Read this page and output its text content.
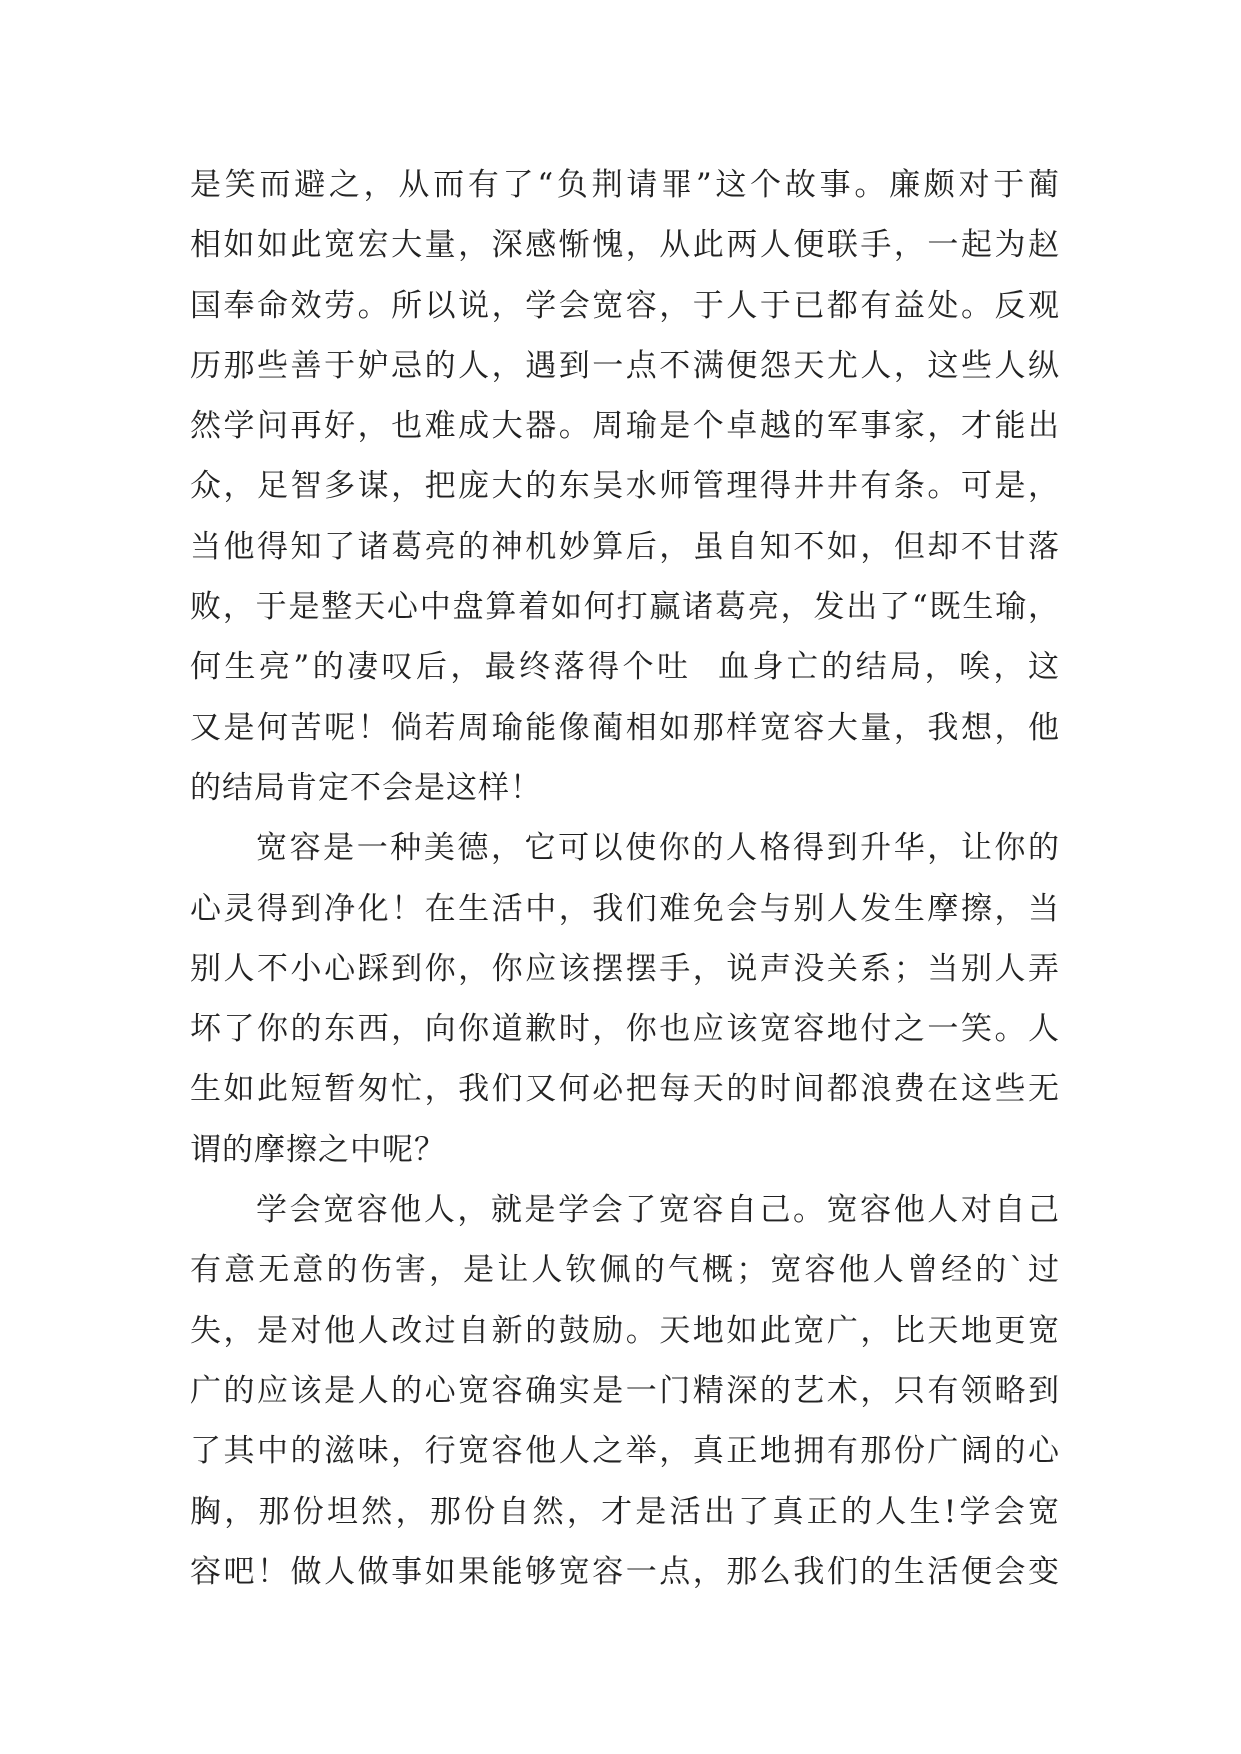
是笑而避之，从而有了“负荆请罪”这个故事。廉颇对于蔺
相如如此宽宏大量，深感惭愧，从此两人便联手，一起为赵
国奉命效劳。所以说，学会宽容，于人于已都有益处。反观
历那些善于妒忌的人，遇到一点不满便怨天尤人，这些人纵
然学问再好，也难成大器。周瑜是个卓越的军事家，才能出
众，足智多谋，把庞大的东吴水师管理得井井有条。可是，
当他得知了诸葛亮的神机妙算后，虽自知不如，但却不甘落
败，于是整天心中盘算着如何打赢诸葛亮，发出了“既生瑜，
何生亮”的凄叹后，最终落得个吐  血身亡的结局，唉，这
又是何苦呢！倘若周瑜能像蔺相如那样宽容大量，我想，他
的结局肯定不会是这样！
宽容是一种美德，它可以使你的人格得到升华，让你的
心灵得到净化！在生活中，我们难免会与别人发生摩擦，当
别人不小心踩到你，你应该摆摆手，说声没关系；当别人弄
坏了你的东西，向你道歉时，你也应该宽容地付之一笑。人
生如此短暂匆忙，我们又何必把每天的时间都浪费在这些无
谓的摩擦之中呢？
学会宽容他人，就是学会了宽容自己。宽容他人对自己
有意无意的伤害，是让人钦佩的气概；宽容他人曾经的`过
失，是对他人改过自新的鼓励。天地如此宽广，比天地更宽
广的应该是人的心宽容确实是一门精深的艺术，只有领略到
了其中的滋味，行宽容他人之举，真正地拥有那份广阔的心
胸，那份坦然，那份自然，才是活出了真正的人生!学会宽
容吧！做人做事如果能够宽容一点，那么我们的生活便会变
